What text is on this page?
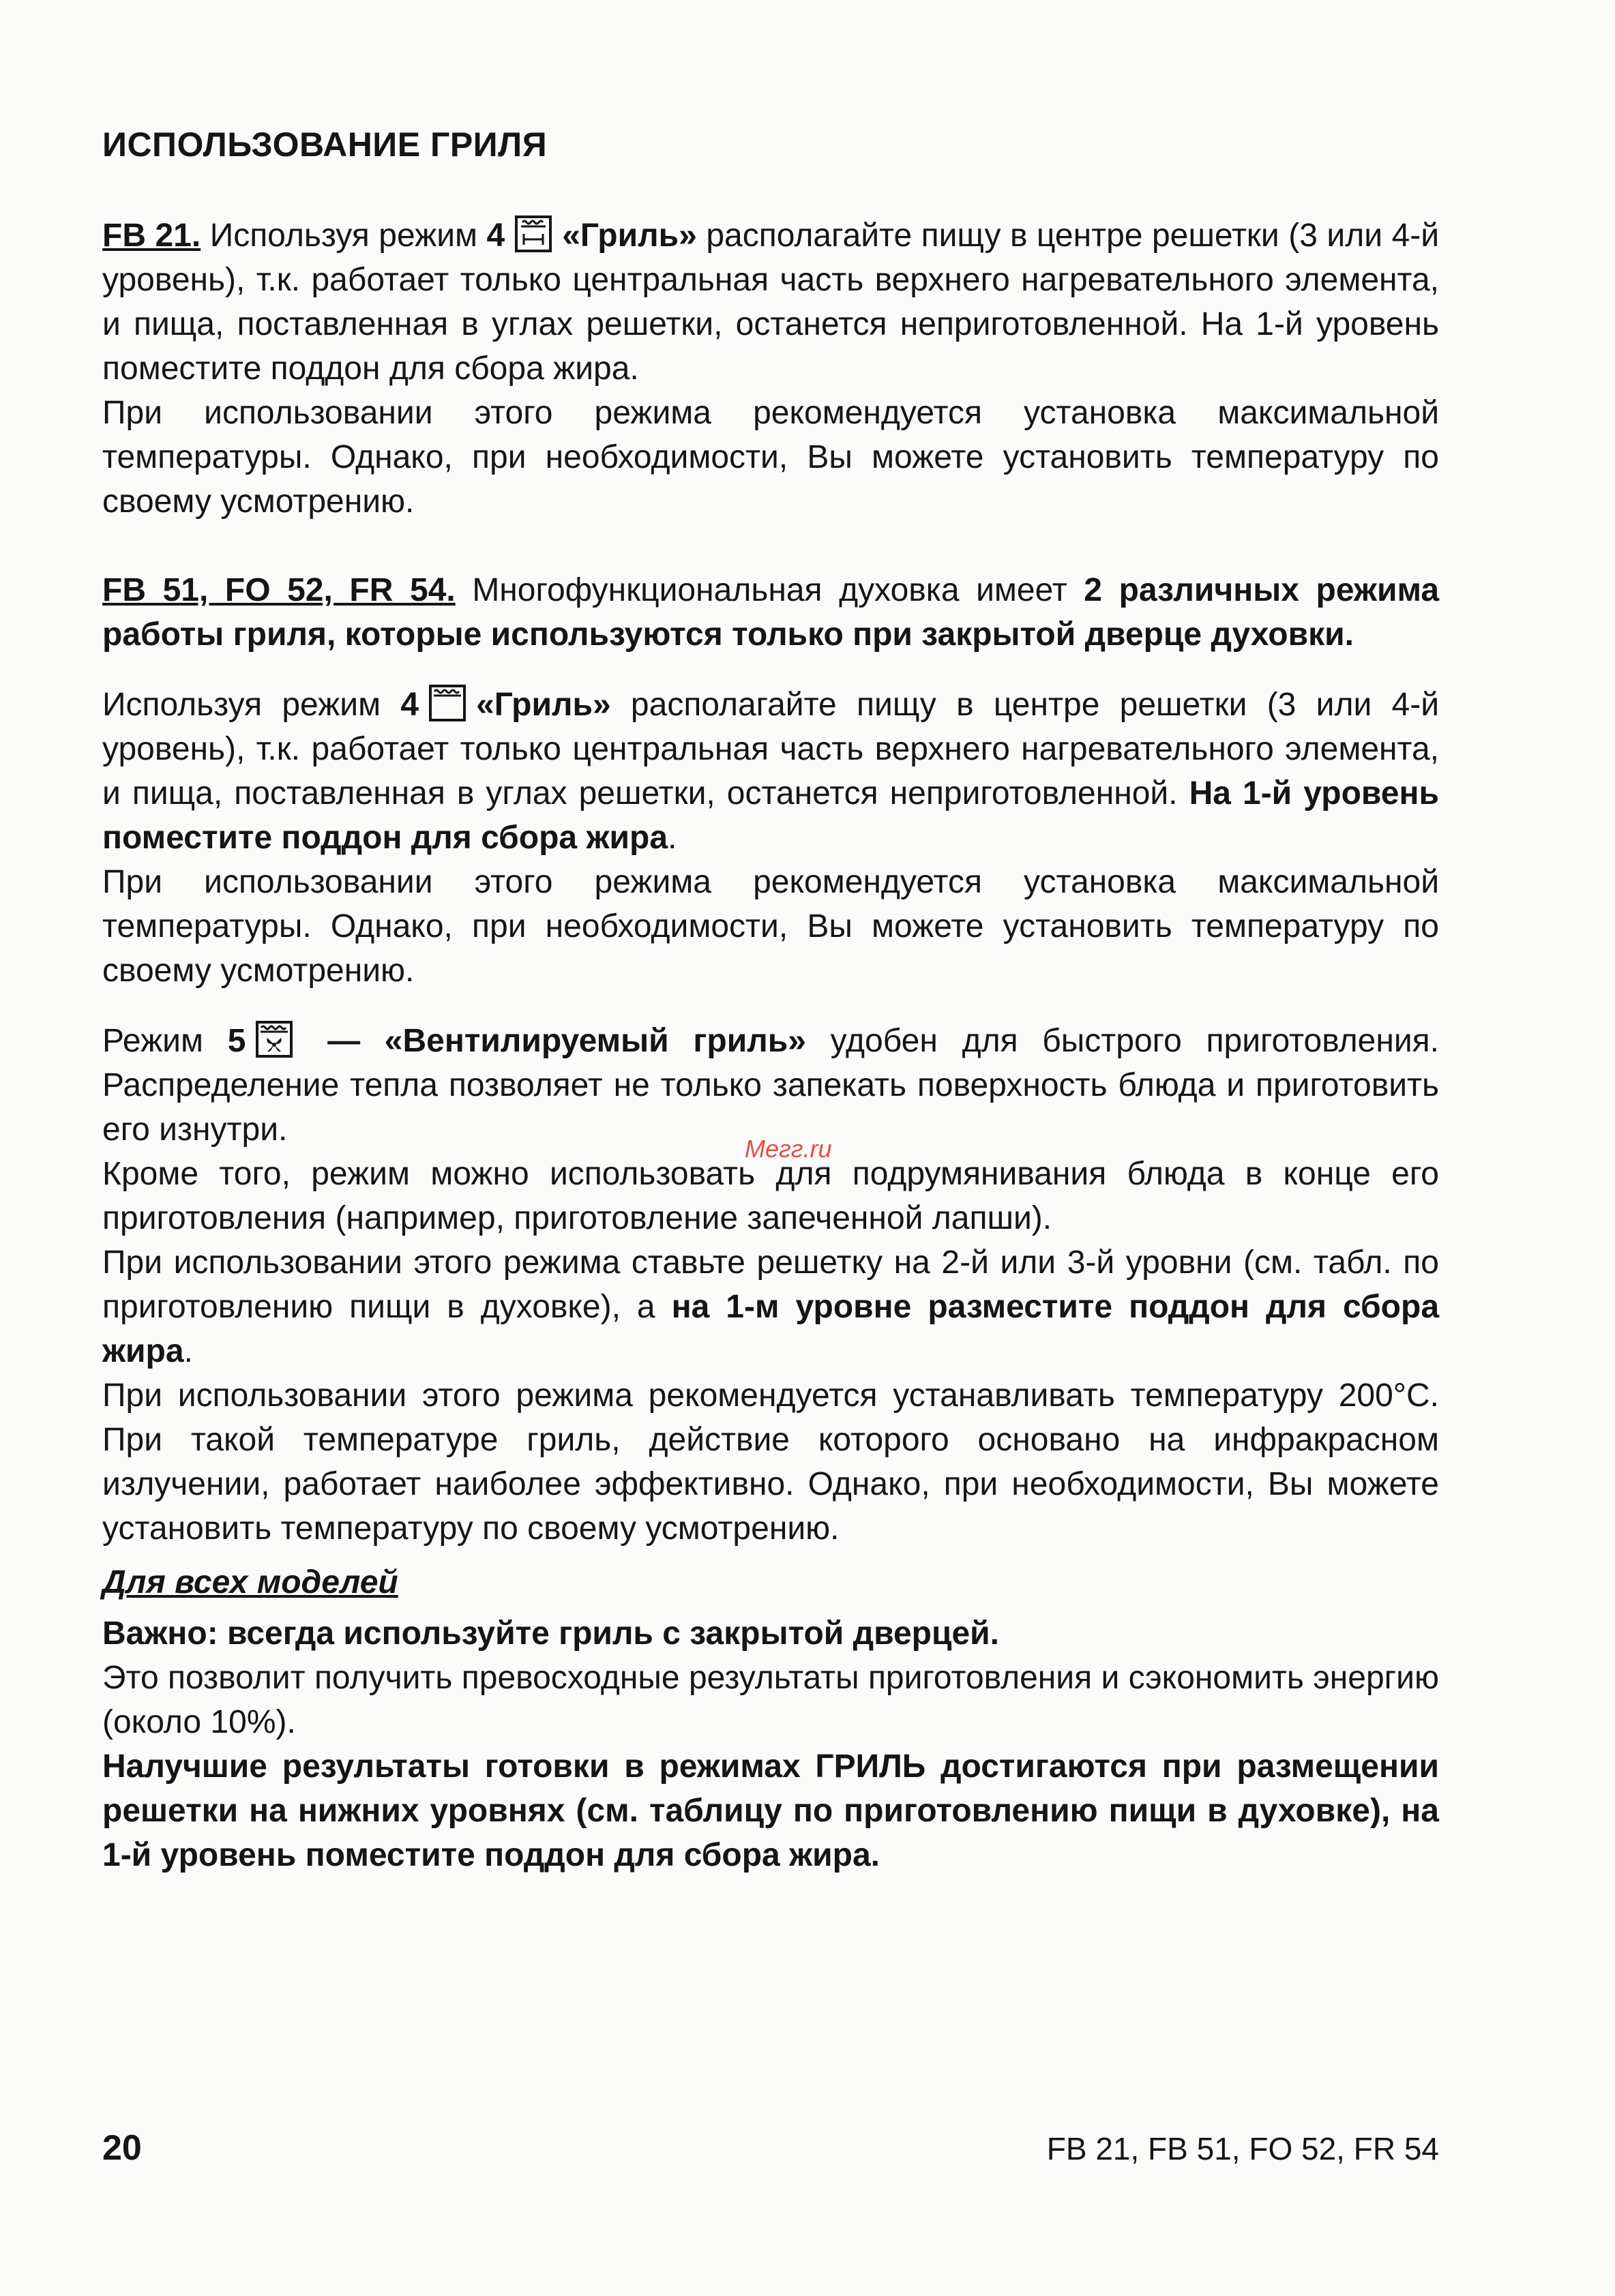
ИСПОЛЬЗОВАНИЕ ГРИЛЯ

FB 21. Используя режим 4 «Гриль» располагайте пищу в центре решетки (3 или 4-й уровень), т.к. работает только центральная часть верхнего нагревательного элемента, и пища, поставленная в углах решетки, останется неприготовленной. На 1-й уровень поместите поддон для сбора жира.

При использовании этого режима рекомендуется установка максимальной температуры. Однако, при необходимости, Вы можете установить температуру по своему усмотрению.

FB 51, FO 52, FR 54. Многофункциональная духовка имеет 2 различных режима работы гриля, которые используются только при закрытой дверце духовки.

Используя режим 4 «Гриль» располагайте пищу в центре решетки (3 или 4-й уровень), т.к. работает только центральная часть верхнего нагревательного элемента, и пища, поставленная в углах решетки, останется неприготовленной. На 1-й уровень поместите поддон для сбора жира.

При использовании этого режима рекомендуется установка максимальной температуры. Однако, при необходимости, Вы можете установить температуру по своему усмотрению.

Режим 5
— «Вентилируемый гриль» удобен для быстрого приготовления. Распределение тепла позволяет не только запекать поверхность блюда и приготовить его изнутри.

Кроме того, режим можно использовать для подрумянивания блюда в конце его приготовления (например, приготовление запеченной лапши).

При использовании этого режима ставьте решетку на 2-й или 3-й уровни (см. табл. по приготовлению пищи в духовке), а на 1-м уровне разместите поддон для сбора жира.

При использовании этого режима рекомендуется устанавливать температуру 200°С. При такой температуре гриль, действие которого основано на инфракрасном излучении, работает наиболее эффективно. Однако, при необходимости, Вы можете установить температуру по своему усмотрению.

Для всех моделей

Важно: всегда используйте гриль с закрытой дверцей.

Это позволит получить превосходные результаты приготовления и сэкономить энергию (около 10%).

Налучшие результаты готовки в режимах ГРИЛЬ достигаются при размещении решетки на нижних уровнях (см. таблицу по приготовлению пищи в духовке), на 1-й уровень поместите поддон для сбора жира.

Мегг.ru
20	FB 21, FB 51, FO 52, FR 54
